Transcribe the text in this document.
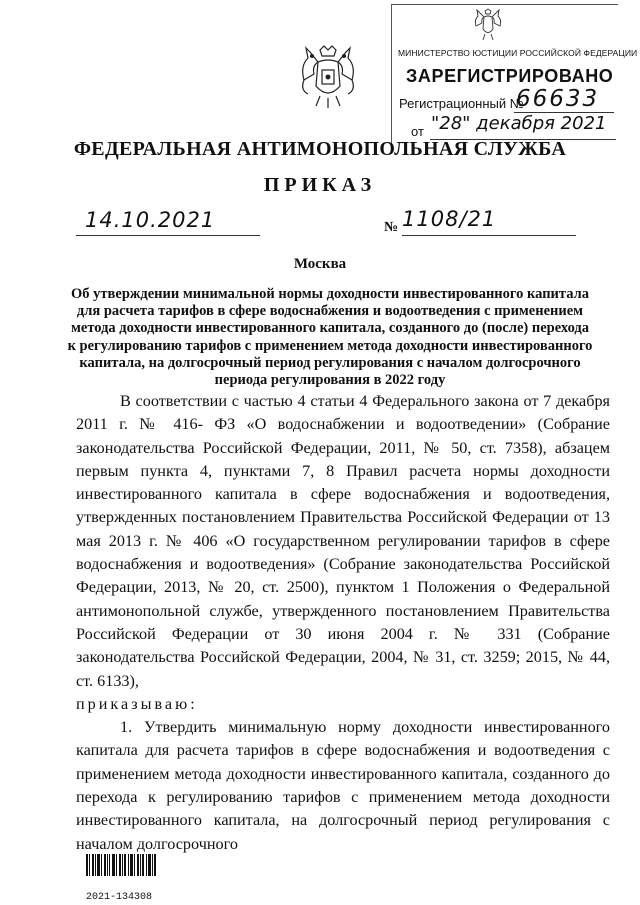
МИНИСТЕРСТВО ЮСТИЦИИ РОССИЙСКОЙ ФЕДЕРАЦИИ
ЗАРЕГИСТРИРОВАНО
Регистрационный №
66633
от "28" декабря 2021
ФЕДЕРАЛЬНАЯ АНТИМОНОПОЛЬНАЯ СЛУЖБА
ПРИКАЗ
14.10.2021	№ 1108/21
Москва
Об утверждении минимальной нормы доходности инвестированного капитала для расчета тарифов в сфере водоснабжения и водоотведения с применением метода доходности инвестированного капитала, созданного до (после) перехода к регулированию тарифов с применением метода доходности инвестированного капитала, на долгосрочный период регулирования с началом долгосрочного периода регулирования в 2022 году

В соответствии с частью 4 статьи 4 Федерального закона от 7 декабря 2011 г. № 416- ФЗ «О водоснабжении и водоотведении» (Собрание законодательства Российской Федерации, 2011, № 50, ст. 7358), абзацем первым пункта 4, пунктами 7, 8 Правил расчета нормы доходности инвестированного капитала в сфере водоснабжения и водоотведения, утвержденных постановлением Правительства Российской Федерации от 13 мая 2013 г. № 406 «О государственном регулировании тарифов в сфере водоснабжения и водоотведения» (Собрание законодательства Российской Федерации, 2013, № 20, ст. 2500), пунктом 1 Положения о Федеральной антимонопольной службе, утвержденного постановлением Правительства Российской Федерации от 30 июня 2004 г. № 331 (Собрание законодательства Российской Федерации, 2004, № 31, ст. 3259; 2015, № 44, ст. 6133),

приказываю:

1. Утвердить минимальную норму доходности инвестированного капитала для расчета тарифов в сфере водоснабжения и водоотведения с применением метода доходности инвестированного капитала, созданного до перехода к регулированию тарифов с применением метода доходности инвестированного капитала, на долгосрочный период регулирования с началом долгосрочного

2021-134308
